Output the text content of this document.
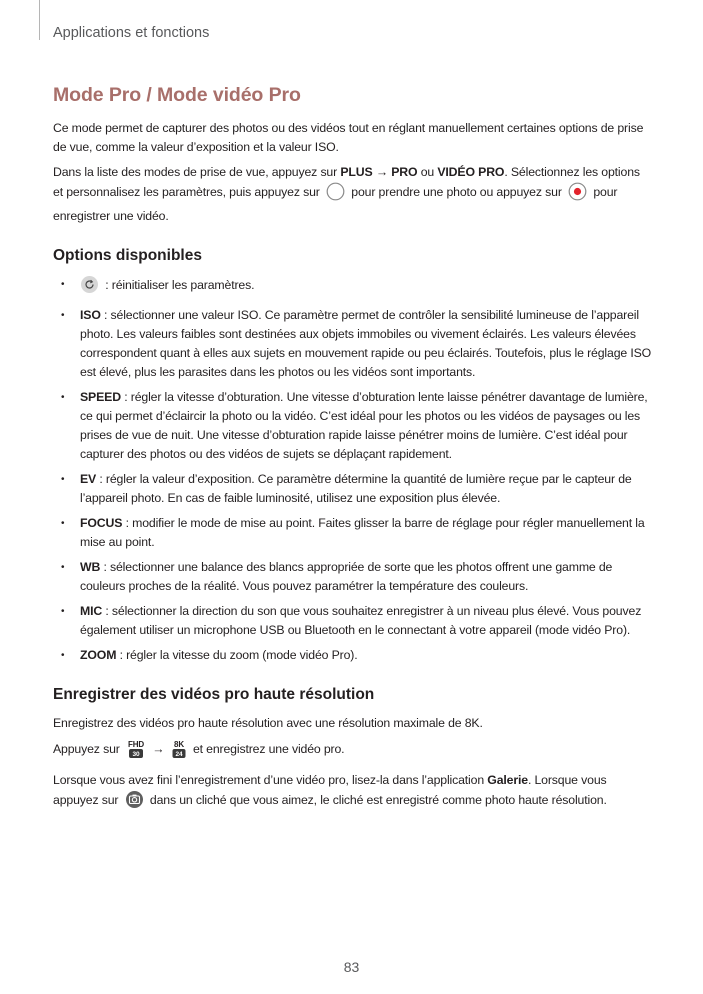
Applications et fonctions
Mode Pro / Mode vidéo Pro

Ce mode permet de capturer des photos ou des vidéos tout en réglant manuellement certaines options de prise de vue, comme la valeur d’exposition et la valeur ISO.

Dans la liste des modes de prise de vue, appuyez sur PLUS → PRO ou VIDÉO PRO. Sélectionnez les options et personnalisez les paramètres, puis appuyez sur  pour prendre une photo ou appuyez sur  pour enregistrer une vidéo.

Options disponibles
•	: réinitialiser les paramètres.
• ISO : sélectionner une valeur ISO. Ce paramètre permet de contrôler la sensibilité lumineuse de l’appareil photo. Les valeurs faibles sont destinées aux objets immobiles ou vivement éclairés. Les valeurs élevées correspondent quant à elles aux sujets en mouvement rapide ou peu éclairés. Toutefois, plus le réglage ISO est élevé, plus les parasites dans les photos ou les vidéos sont importants.
• SPEED : régler la vitesse d’obturation. Une vitesse d’obturation lente laisse pénétrer davantage de lumière, ce qui permet d’éclaircir la photo ou la vidéo. C’est idéal pour les photos ou les vidéos de paysages ou les prises de vue de nuit. Une vitesse d’obturation rapide laisse pénétrer moins de lumière. C’est idéal pour capturer des photos ou des vidéos de sujets se déplaçant rapidement.
• EV : régler la valeur d’exposition. Ce paramètre détermine la quantité de lumière reçue par le capteur de l’appareil photo. En cas de faible luminosité, utilisez une exposition plus élevée.
• FOCUS : modifier le mode de mise au point. Faites glisser la barre de réglage pour régler manuellement la mise au point.
• WB : sélectionner une balance des blancs appropriée de sorte que les photos offrent une gamme de couleurs proches de la réalité. Vous pouvez paramétrer la température des couleurs.
• MIC : sélectionner la direction du son que vous souhaitez enregistrer à un niveau plus élevé. Vous pouvez également utiliser un microphone USB ou Bluetooth en le connectant à votre appareil (mode vidéo Pro).
• ZOOM : régler la vitesse du zoom (mode vidéo Pro).
Enregistrer des vidéos pro haute résolution

Enregistrez des vidéos pro haute résolution avec une résolution maximale de 8K.

Appuyez sur FHD
30 → 8K
24 et enregistrez une vidéo pro.

Lorsque vous avez fini l’enregistrement d’une vidéo pro, lisez-la dans l’application Galerie. Lorsque vous appuyez sur  dans un cliché que vous aimez, le cliché est enregistré comme photo haute résolution.

83
